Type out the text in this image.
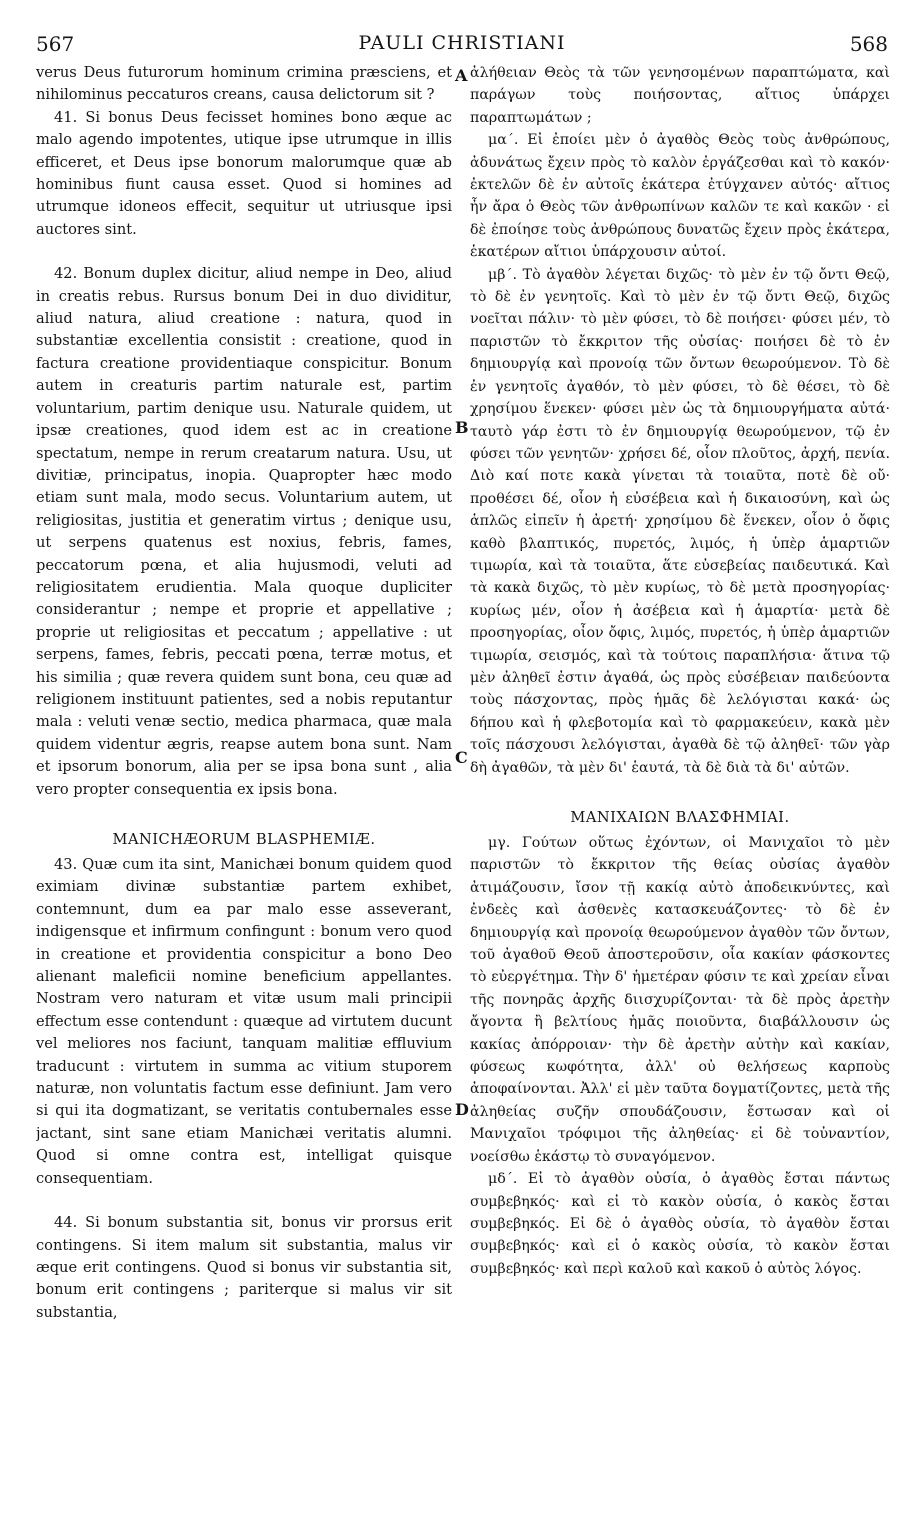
567	PAULI CHRISTIANI	568

verus Deus futurorum hominum crimina præsciens, et nihilominus peccaturos creans, causa delictorum sit ?

41. Si bonus Deus fecisset homines bono æque ac malo agendo impotentes, utique ipse utrumque in illis efficeret, et Deus ipse bonorum malorumque quæ ab hominibus fiunt causa esset. Quod si homines ad utrumque idoneos effecit, sequitur ut utriusque ipsi auctores sint.

42. Bonum duplex dicitur, aliud nempe in Deo, aliud in creatis rebus. Rursus bonum Dei in duo dividitur, aliud natura, aliud creatione : natura, quod in substantiæ excellentia consistit : creatione, quod in factura creatione providentiaque conspicitur. Bonum autem in creaturis partim naturale est, partim voluntarium, partim denique usu. Naturale quidem, ut ipsæ creationes, quod idem est ac in creatione spectatum, nempe in rerum creatarum natura. Usu, ut divitiæ, principatus, inopia. Quapropter hæc modo etiam sunt mala, modo secus. Voluntarium autem, ut religiositas, justitia et generatim virtus ; denique usu, ut serpens quatenus est noxius, febris, fames, peccatorum pœna, et alia hujusmodi, veluti ad religiositatem erudientia. Mala quoque dupliciter considerantur ; nempe et proprie et appellative ; proprie ut religiositas et peccatum ; appellative : ut serpens, fames, febris, peccati pœna, terræ motus, et his similia ; quæ revera quidem sunt bona, ceu quæ ad religionem instituunt patientes, sed a nobis reputantur mala : veluti venæ sectio, medica pharmaca, quæ mala quidem videntur ægris, reapse autem bona sunt. Nam et ipsorum bonorum, alia per se ipsa bona sunt , alia vero propter consequentia ex ipsis bona.

MANICHÆORUM BLASPHEMIÆ.

43. Quæ cum ita sint, Manichæi bonum quidem quod eximiam divinæ substantiæ partem exhibet, contemnunt, dum ea par malo esse asseverant, indigensque et infirmum confingunt : bonum vero quod in creatione et providentia conspicitur a bono Deo alienant maleficii nomine beneficium appellantes. Nostram vero naturam et vitæ usum mali principii effectum esse contendunt : quæque ad virtutem ducunt vel meliores nos faciunt, tanquam malitiæ effluvium traducunt : virtutem in summa ac vitium stuporem naturæ, non voluntatis factum esse definiunt. Jam vero si qui ita dogmatizant, se veritatis contubernales esse jactant, sint sane etiam Manichæi veritatis alumni. Quod si omne contra est, intelligat quisque consequentiam.

44. Si bonum substantia sit, bonus vir prorsus erit contingens. Si item malum sit substantia, malus vir æque erit contingens. Quod si bonus vir substantia sit, bonum erit contingens ; pariterque si malus vir sit substantia,

A
B
C
D

ἀλήθειαν Θεὸς τὰ τῶν γενησομένων παραπτώματα, καὶ παράγων τοὺς ποιήσοντας, αἴτιος ὑπάρχει παραπτωμάτων ;

μα΄. Εἰ ἐποίει μὲν ὁ ἀγαθὸς Θεὸς τοὺς ἀνθρώπους, ἀδυνάτως ἔχειν πρὸς τὸ καλὸν ἐργάζεσθαι καὶ τὸ κακόν· ἐκτελῶν δὲ ἐν αὐτοῖς ἑκάτερα ἐτύγχανεν αὐτός· αἴτιος ἦν ἄρα ὁ Θεὸς τῶν ἀνθρωπίνων καλῶν τε καὶ κακῶν · εἰ δὲ ἐποίησε τοὺς ἀνθρώπους δυνατῶς ἔχειν πρὸς ἑκάτερα, ἑκατέρων αἴτιοι ὑπάρχουσιν αὐτοί.

μβ΄. Τὸ ἀγαθὸν λέγεται διχῶς· τὸ μὲν ἐν τῷ ὄντι Θεῷ, τὸ δὲ ἐν γενητοῖς. Καὶ τὸ μὲν ἐν τῷ ὄντι Θεῷ, διχῶς νοεῖται πάλιν· τὸ μὲν φύσει, τὸ δὲ ποιήσει· φύσει μέν, τὸ παριστῶν τὸ ἔκκριτον τῆς οὐσίας· ποιήσει δὲ τὸ ἐν δημιουργίᾳ καὶ προνοίᾳ τῶν ὄντων θεωρούμενον. Τὸ δὲ ἐν γενητοῖς ἀγαθόν, τὸ μὲν φύσει, τὸ δὲ θέσει, τὸ δὲ χρησίμου ἕνεκεν· φύσει μὲν ὡς τὰ δημιουργήματα αὐτά· ταυτὸ γάρ ἐστι τὸ ἐν δημιουργίᾳ θεωρούμενον, τῷ ἐν φύσει τῶν γενητῶν· χρήσει δέ, οἷον πλοῦτος, ἀρχή, πενία. Διὸ καί ποτε κακὰ γίνεται τὰ τοιαῦτα, ποτὲ δὲ οὔ· προθέσει δέ, οἷον ἡ εὐσέβεια καὶ ἡ δικαιοσύνη, καὶ ὡς ἁπλῶς εἰπεῖν ἡ ἀρετή· χρησίμου δὲ ἕνεκεν, οἷον ὁ ὄφις καθὸ βλαπτικός, πυρετός, λιμός, ἡ ὑπὲρ ἁμαρτιῶν τιμωρία, καὶ τὰ τοιαῦτα, ἅτε εὐσεβείας παιδευτικά. Καὶ τὰ κακὰ διχῶς, τὸ μὲν κυρίως, τὸ δὲ μετὰ προσηγορίας· κυρίως μέν, οἷον ἡ ἀσέβεια καὶ ἡ ἁμαρτία· μετὰ δὲ προσηγορίας, οἷον ὄφις, λιμός, πυρετός, ἡ ὑπὲρ ἁμαρτιῶν τιμωρία, σεισμός, καὶ τὰ τούτοις παραπλήσια· ἅτινα τῷ μὲν ἀληθεῖ ἐστιν ἀγαθά, ὡς πρὸς εὐσέβειαν παιδεύοντα τοὺς πάσχοντας, πρὸς ἡμᾶς δὲ λελόγισται κακά· ὡς δήπου καὶ ἡ φλεβοτομία καὶ τὸ φαρμακεύειν, κακὰ μὲν τοῖς πάσχουσι λελόγισται, ἀγαθὰ δὲ τῷ ἀληθεῖ· τῶν γὰρ δὴ ἀγαθῶν, τὰ μὲν δι' ἑαυτά, τὰ δὲ διὰ τὰ δι' αὐτῶν.

ΜΑΝΙΧΑΙΩΝ ΒΛΑΣΦΗΜΙΑΙ.

μγ. Γούτων οὕτως ἐχόντων, οἱ Μανιχαῖοι τὸ μὲν παριστῶν τὸ ἔκκριτον τῆς θείας οὐσίας ἀγαθὸν ἀτιμάζουσιν, ἴσον τῇ κακίᾳ αὐτὸ ἀποδεικνύντες, καὶ ἐνδεὲς καὶ ἀσθενὲς κατασκευάζοντες· τὸ δὲ ἐν δημιουργίᾳ καὶ προνοίᾳ θεωρούμενον ἀγαθὸν τῶν ὄντων, τοῦ ἀγαθοῦ Θεοῦ ἀποστεροῦσιν, οἷα κακίαν φάσκοντες τὸ εὐεργέτημα. Τὴν δ' ἡμετέραν φύσιν τε καὶ χρείαν εἶναι τῆς πονηρᾶς ἀρχῆς διισχυρίζονται· τὰ δὲ πρὸς ἀρετὴν ἄγοντα ἢ βελτίους ἡμᾶς ποιοῦντα, διαβάλλουσιν ὡς κακίας ἀπόρροιαν· τὴν δὲ ἀρετὴν αὐτὴν καὶ κακίαν, φύσεως κωφότητα, ἀλλ' οὐ θελήσεως καρποὺς ἀποφαίνονται. Ἀλλ' εἰ μὲν ταῦτα δογματίζοντες, μετὰ τῆς ἀληθείας συζῆν σπουδάζουσιν, ἔστωσαν καὶ οἱ Μανιχαῖοι τρόφιμοι τῆς ἀληθείας· εἰ δὲ τοὐναντίον, νοείσθω ἑκάστῳ τὸ συναγόμενον.

μδ΄. Εἰ τὸ ἀγαθὸν οὐσία, ὁ ἀγαθὸς ἔσται πάντως συμβεβηκός· καὶ εἰ τὸ κακὸν οὐσία, ὁ κακὸς ἔσται συμβεβηκός. Εἰ δὲ ὁ ἀγαθὸς οὐσία, τὸ ἀγαθὸν ἔσται συμβεβηκός· καὶ εἰ ὁ κακὸς οὐσία, τὸ κακὸν ἔσται συμβεβηκός· καὶ περὶ καλοῦ καὶ κακοῦ ὁ αὐτὸς λόγος.
